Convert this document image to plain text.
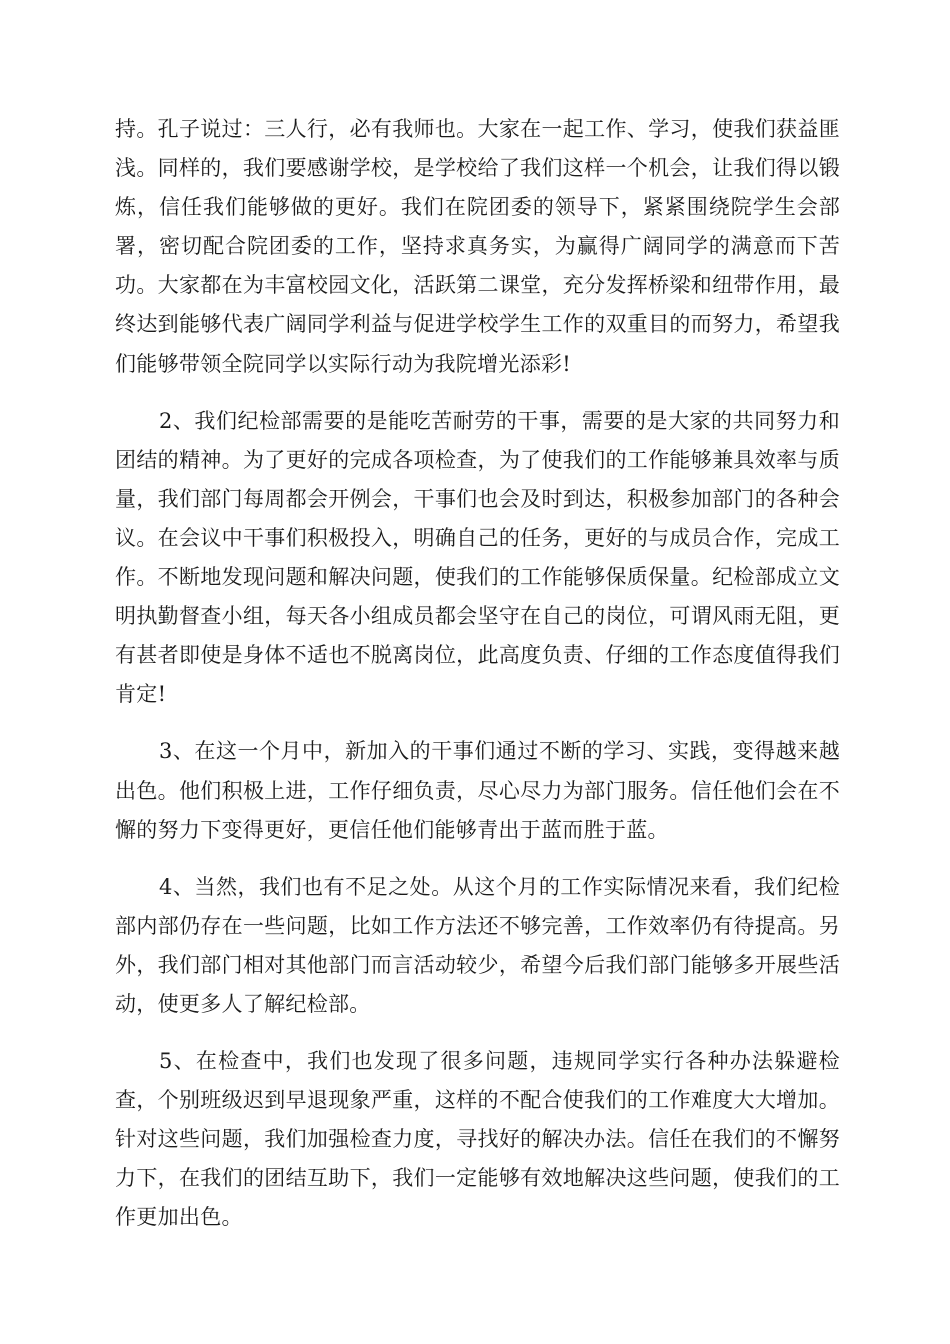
持。孔子说过：三人行，必有我师也。大家在一起工作、学习，使我们获益匪浅。同样的，我们要感谢学校，是学校给了我们这样一个机会，让我们得以锻炼，信任我们能够做的更好。我们在院团委的领导下，紧紧围绕院学生会部署，密切配合院团委的工作，坚持求真务实，为赢得广阔同学的满意而下苦功。大家都在为丰富校园文化，活跃第二课堂，充分发挥桥梁和纽带作用，最终达到能够代表广阔同学利益与促进学校学生工作的双重目的而努力，希望我们能够带领全院同学以实际行动为我院增光添彩!

2、我们纪检部需要的是能吃苦耐劳的干事，需要的是大家的共同努力和团结的精神。为了更好的完成各项检查，为了使我们的工作能够兼具效率与质量，我们部门每周都会开例会，干事们也会及时到达，积极参加部门的各种会议。在会议中干事们积极投入，明确自己的任务，更好的与成员合作，完成工作。不断地发现问题和解决问题，使我们的工作能够保质保量。纪检部成立文明执勤督查小组，每天各小组成员都会坚守在自己的岗位，可谓风雨无阻，更有甚者即使是身体不适也不脱离岗位，此高度负责、仔细的工作态度值得我们肯定!

3、在这一个月中，新加入的干事们通过不断的学习、实践，变得越来越出色。他们积极上进，工作仔细负责，尽心尽力为部门服务。信任他们会在不懈的努力下变得更好，更信任他们能够青出于蓝而胜于蓝。

4、当然，我们也有不足之处。从这个月的工作实际情况来看，我们纪检部内部仍存在一些问题，比如工作方法还不够完善，工作效率仍有待提高。另外，我们部门相对其他部门而言活动较少，希望今后我们部门能够多开展些活动，使更多人了解纪检部。

5、在检查中，我们也发现了很多问题，违规同学实行各种办法躲避检查，个别班级迟到早退现象严重，这样的不配合使我们的工作难度大大增加。针对这些问题，我们加强检查力度，寻找好的解决办法。信任在我们的不懈努力下，在我们的团结互助下，我们一定能够有效地解决这些问题，使我们的工作更加出色。
